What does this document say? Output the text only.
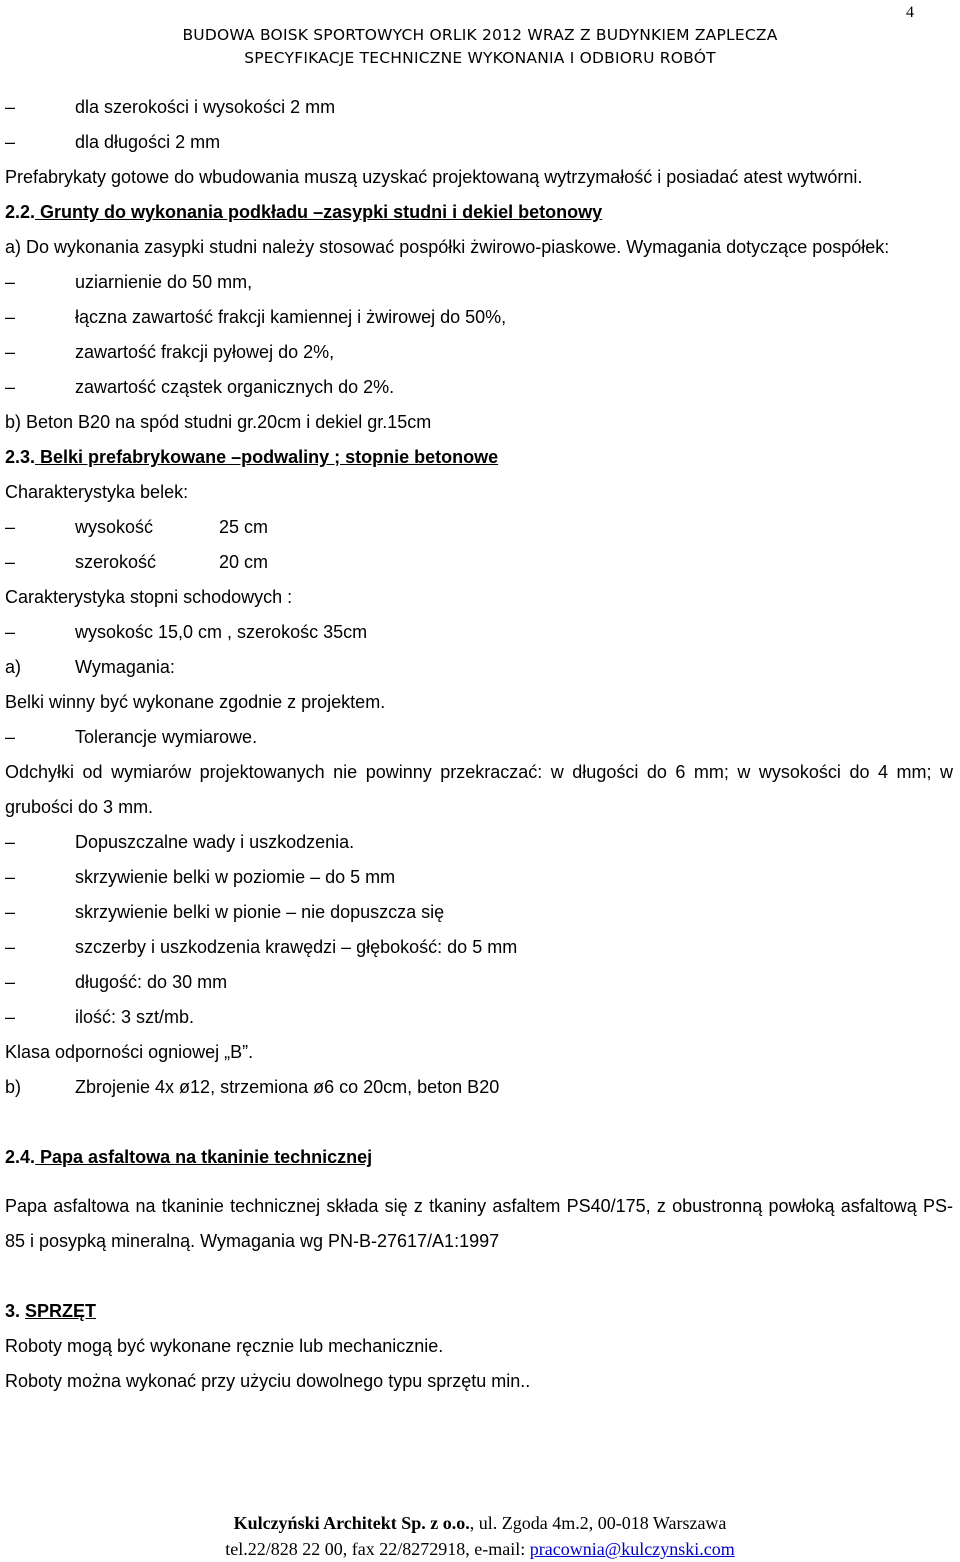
4
BUDOWA BOISK SPORTOWYCH ORLIK 2012 WRAZ Z BUDYNKIEM ZAPLECZA
SPECYFIKACJE TECHNICZNE WYKONANIA I ODBIORU ROBÓT
–	dla szerokości i wysokości 2 mm
–	dla długości 2 mm
Prefabrykaty gotowe do wbudowania muszą uzyskać projektowaną wytrzymałość i posiadać atest wytwórni.
2.2. Grunty do wykonania podkładu –zasypki studni i dekiel betonowy
a) Do wykonania zasypki studni należy stosować pospółki żwirowo-piaskowe. Wymagania dotyczące pospółek:
–	uziarnienie do 50 mm,
–	łączna zawartość frakcji kamiennej i żwirowej do 50%,
–	zawartość frakcji pyłowej do 2%,
–	zawartość cząstek organicznych do 2%.
b) Beton B20 na spód studni gr.20cm i dekiel gr.15cm
2.3. Belki prefabrykowane –podwaliny ; stopnie betonowe
Charakterystyka belek:
–	wysokość	25 cm
–	szerokość	20 cm
Carakterystyka stopni schodowych :
–	wysokośc 15,0 cm , szerokośc 35cm
a)	Wymagania:
Belki winny być wykonane zgodnie z projektem.
–	Tolerancje wymiarowe.
Odchyłki od wymiarów projektowanych nie powinny przekraczać: w długości do 6 mm; w wysokości do 4 mm; w grubości do 3 mm.
–	Dopuszczalne wady i uszkodzenia.
–	skrzywienie belki w poziomie – do 5 mm
–	skrzywienie belki w pionie – nie dopuszcza się
–	szczerby i uszkodzenia krawędzi – głębokość: do 5 mm
–	długość: do 30 mm
–	ilość: 3 szt/mb.
Klasa odporności ogniowej „B”.
b)	Zbrojenie 4x ø12, strzemiona ø6 co 20cm, beton B20
2.4. Papa asfaltowa na tkaninie technicznej
Papa asfaltowa na tkaninie technicznej składa się z tkaniny asfaltem PS40/175, z obustronną powłoką asfaltową PS-85 i posypką mineralną. Wymagania wg PN-B-27617/A1:1997
3. SPRZĘT
Roboty mogą być wykonane ręcznie lub mechanicznie.
Roboty można wykonać przy użyciu dowolnego typu sprzętu min..
Kulczyński Architekt Sp. z o.o., ul. Zgoda 4m.2, 00-018 Warszawa
tel.22/828 22 00, fax 22/8272918, e-mail: pracownia@kulczynski.com
